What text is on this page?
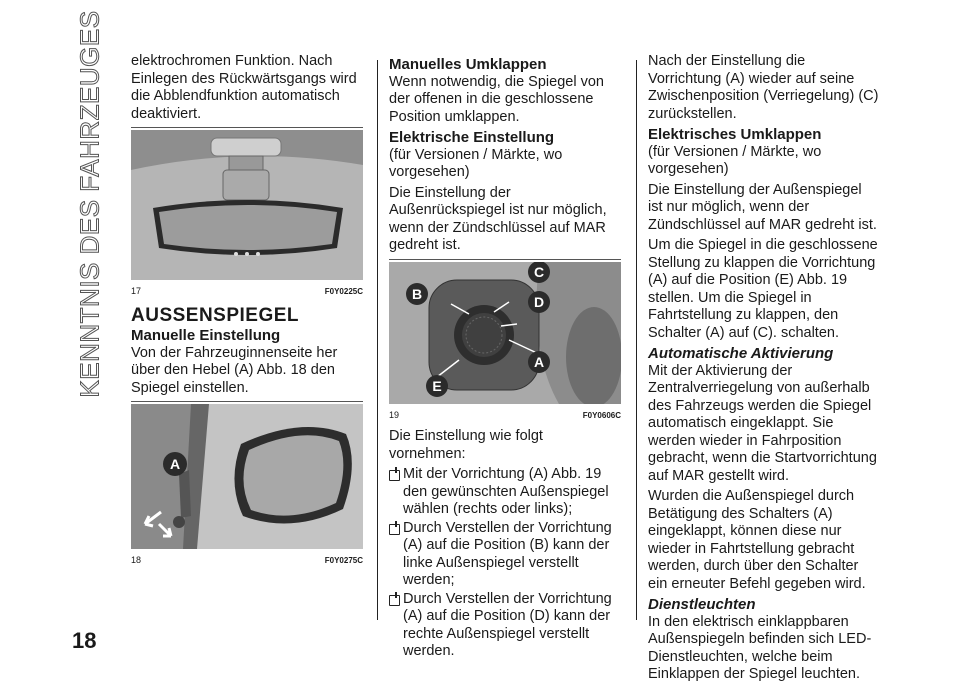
KENNTNIS DES FAHRZEUGES
18

elektrochromen Funktion. Nach Einlegen des Rückwärtsgangs wird die Abblendfunktion automatisch deaktiviert.

17	F0Y0225C
AUSSENSPIEGEL
Manuelle Einstellung

Von der Fahrzeuginnenseite her über den Hebel (A) Abb. 18 den Spiegel einstellen.

A
18	F0Y0275C
Manuelles Umklappen

Wenn notwendig, die Spiegel von der offenen in die geschlossene Position umklappen.

Elektrische Einstellung

(für Versionen / Märkte, wo vorgesehen)

Die Einstellung der Außenrückspiegel ist nur möglich, wenn der Zündschlüssel auf MAR gedreht ist.

B
C
D
A
E
19	F0Y0606C

Die Einstellung wie folgt vornehmen:

Mit der Vorrichtung (A) Abb. 19 den gewünschten Außenspiegel wählen (rechts oder links);
Durch Verstellen der Vorrichtung (A) auf die Position (B) kann der linke Außenspiegel verstellt werden;
Durch Verstellen der Vorrichtung (A) auf die Position (D) kann der rechte Außenspiegel verstellt werden.

Nach der Einstellung die Vorrichtung (A) wieder auf seine Zwischenposition (Verriegelung) (C) zurückstellen.

Elektrisches Umklappen

(für Versionen / Märkte, wo vorgesehen)

Die Einstellung der Außenspiegel ist nur möglich, wenn der Zündschlüssel auf MAR gedreht ist.

Um die Spiegel in die geschlossene Stellung zu klappen die Vorrichtung (A) auf die Position (E) Abb. 19 stellen. Um die Spiegel in Fahrtstellung zu klappen, den Schalter (A) auf (C). schalten.

Automatische Aktivierung

Mit der Aktivierung der Zentralverriegelung von außerhalb des Fahrzeugs werden die Spiegel automatisch eingeklappt. Sie werden wieder in Fahrposition gebracht, wenn die Startvorrichtung auf MAR gestellt wird.

Wurden die Außenspiegel durch Betätigung des Schalters (A) eingeklappt, können diese nur wieder in Fahrtstellung gebracht werden, durch über den Schalter ein erneuter Befehl gegeben wird.

Dienstleuchten

In den elektrisch einklappbaren Außenspiegeln befinden sich LED-Dienstleuchten, welche beim Einklappen der Spiegel leuchten.
